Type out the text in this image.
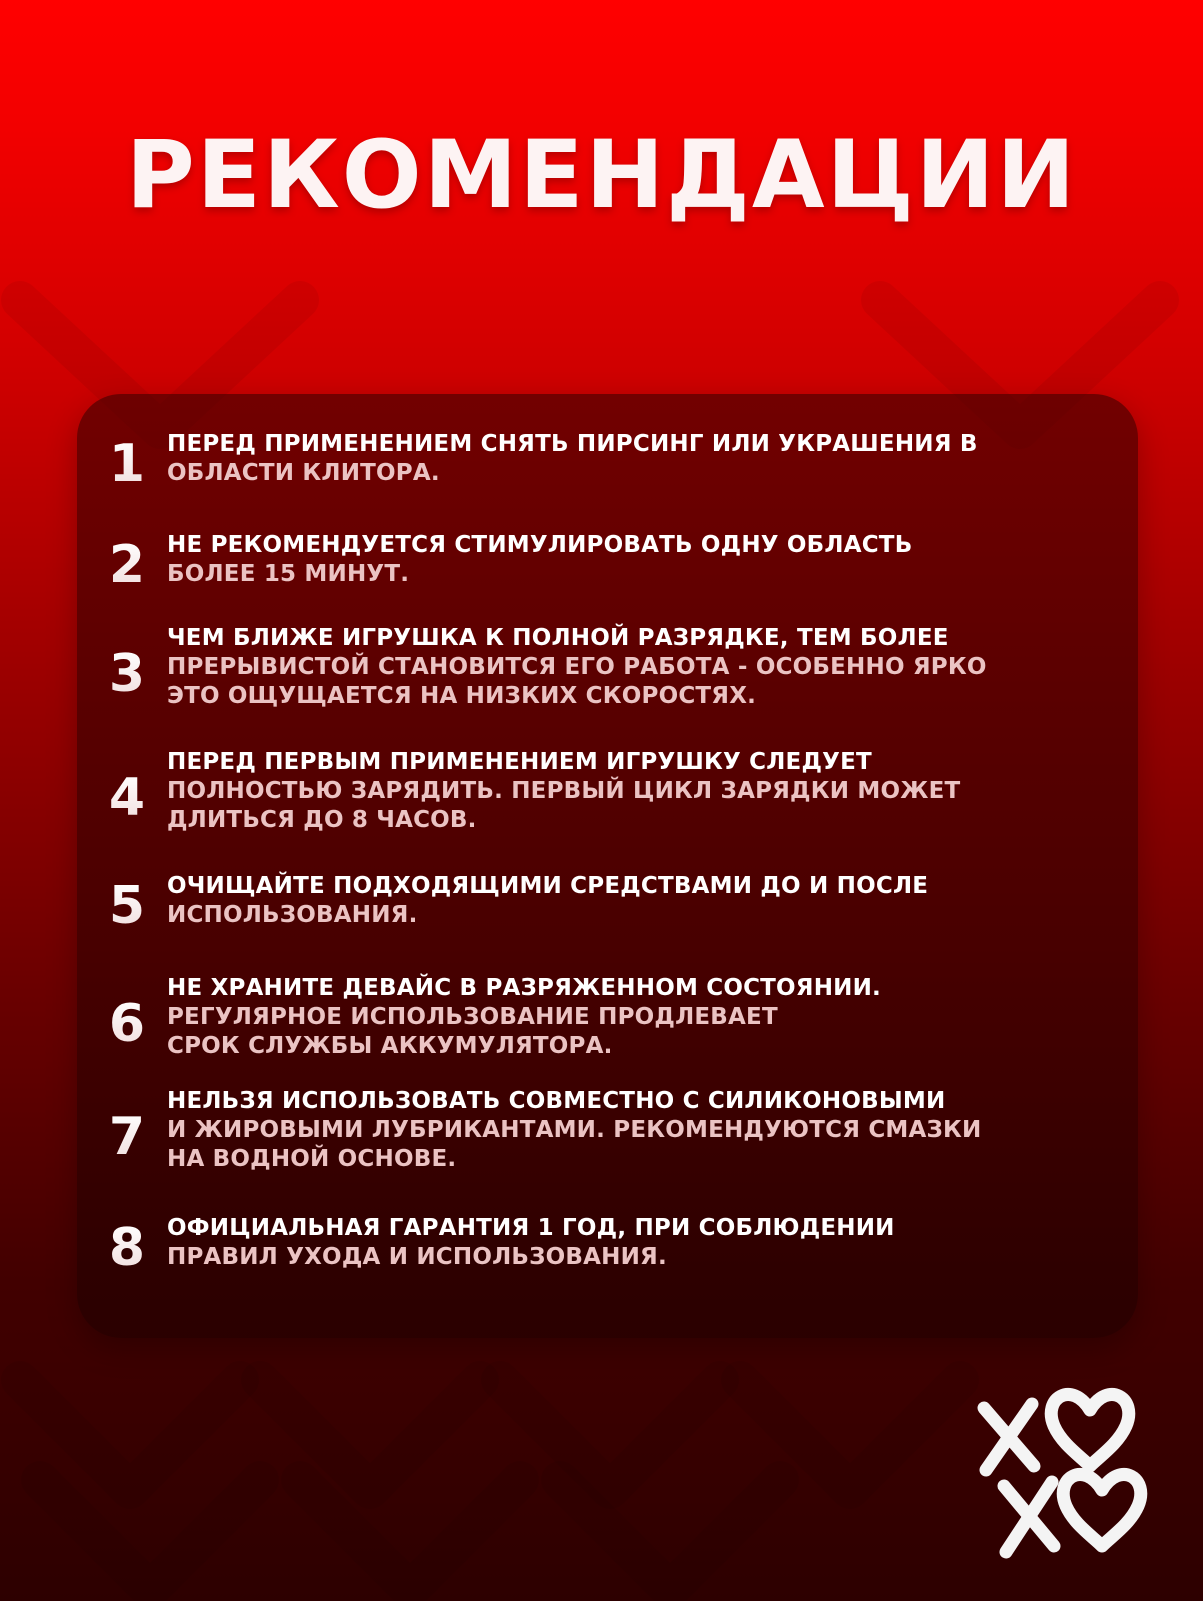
РЕКОМЕНДАЦИИ
1 ПЕРЕД ПРИМЕНЕНИЕМ СНЯТЬ ПИРСИНГ ИЛИ УКРАШЕНИЯ В
ОБЛАСТИ КЛИТОРА.
2 НЕ РЕКОМЕНДУЕТСЯ СТИМУЛИРОВАТЬ ОДНУ ОБЛАСТЬ
БОЛЕЕ 15 МИНУТ.
3
ЧЕМ БЛИЖЕ ИГРУШКА К ПОЛНОЙ РАЗРЯДКЕ, ТЕМ БОЛЕЕ
ПРЕРЫВИСТОЙ СТАНОВИТСЯ ЕГО РАБОТА - ОСОБЕННО ЯРКО
ЭТО ОЩУЩАЕТСЯ НА НИЗКИХ СКОРОСТЯХ.
4
ПЕРЕД ПЕРВЫМ ПРИМЕНЕНИЕМ ИГРУШКУ СЛЕДУЕТ
ПОЛНОСТЬЮ ЗАРЯДИТЬ. ПЕРВЫЙ ЦИКЛ ЗАРЯДКИ МОЖЕТ
ДЛИТЬСЯ ДО 8 ЧАСОВ.
5 ОЧИЩАЙТЕ ПОДХОДЯЩИМИ СРЕДСТВАМИ ДО И ПОСЛЕ
ИСПОЛЬЗОВАНИЯ.
6
НЕ ХРАНИТЕ ДЕВАЙС В РАЗРЯЖЕННОМ СОСТОЯНИИ.
РЕГУЛЯРНОЕ ИСПОЛЬЗОВАНИЕ ПРОДЛЕВАЕТ
СРОК СЛУЖБЫ АККУМУЛЯТОРА.
7
НЕЛЬЗЯ ИСПОЛЬЗОВАТЬ СОВМЕСТНО С СИЛИКОНОВЫМИ
И ЖИРОВЫМИ ЛУБРИКАНТАМИ. РЕКОМЕНДУЮТСЯ СМАЗКИ
НА ВОДНОЙ ОСНОВЕ.
8 ОФИЦИАЛЬНАЯ ГАРАНТИЯ 1 ГОД, ПРИ СОБЛЮДЕНИИ
ПРАВИЛ УХОДА И ИСПОЛЬЗОВАНИЯ.
